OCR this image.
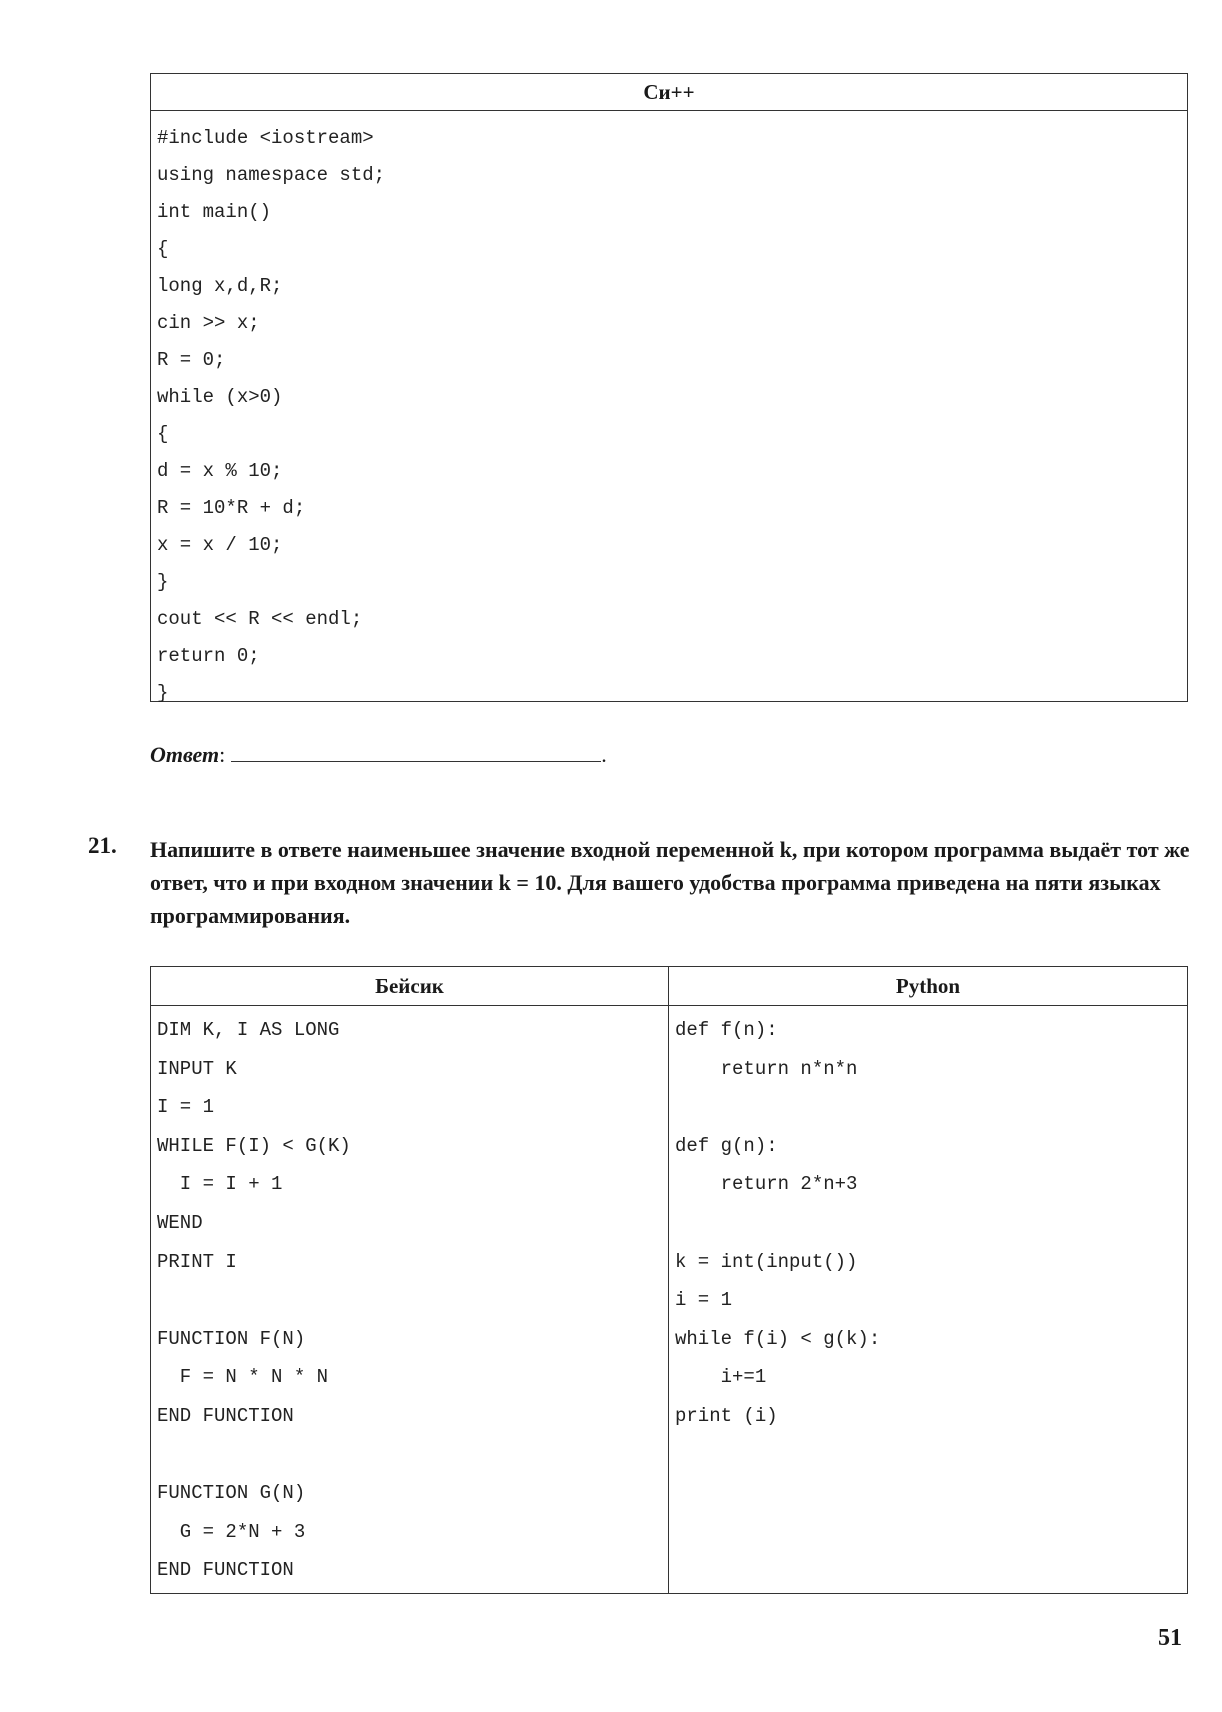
Си++
#include <iostream>
using namespace std;
int main()
{
long x,d,R;
cin >> x;
R = 0;
while (x>0)
{
d = x % 10;
R = 10*R + d;
x = x / 10;
}
cout << R << endl;
return 0;
}
Ответ:	.
21. Напишите в ответе наименьшее значение входной переменной k, при котором программа выдаёт тот же ответ, что и при входном значении k = 10. Для вашего удобства программа приведена на пяти языках программирования.
Бейсик
DIM K, I AS LONG
INPUT K
I = 1
WHILE F(I) < G(K)
I = I + 1
WEND
PRINT I
FUNCTION F(N)
F = N * N * N
END FUNCTION
FUNCTION G(N)
G = 2*N + 3
END FUNCTION
Python
def f(n):
return n*n*n
def g(n):
return 2*n+3
k = int(input())
i = 1
while f(i) < g(k):
i+=1
print (i)
51
